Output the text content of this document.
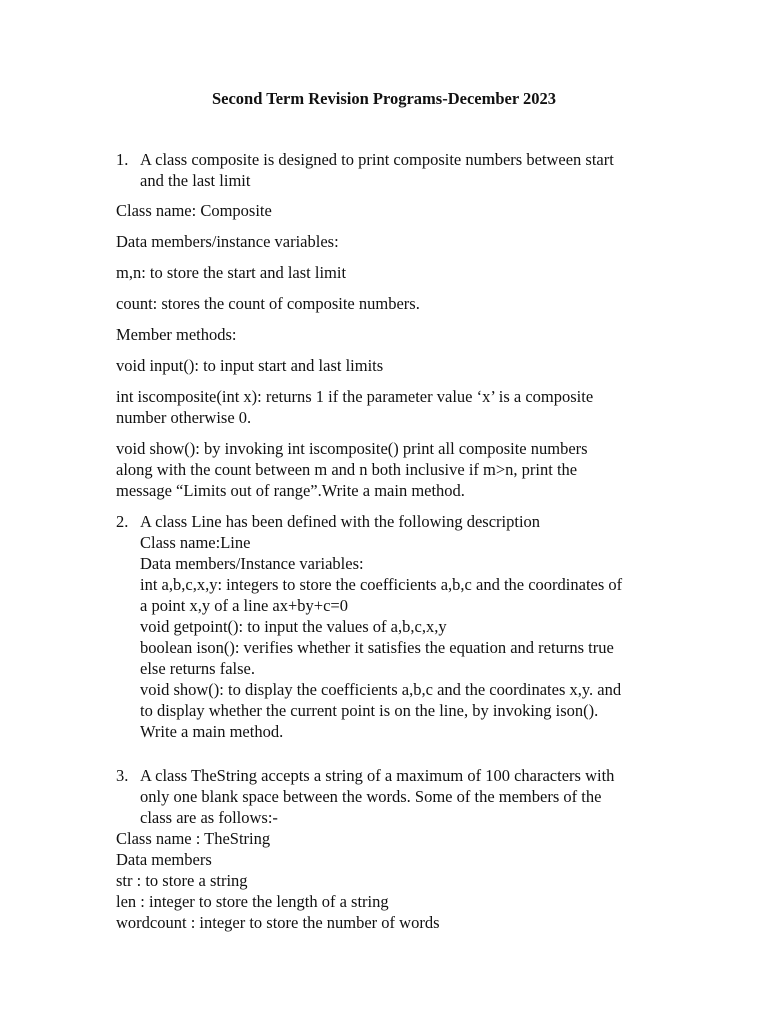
Second Term Revision Programs-December 2023
1. A class composite is designed to print composite numbers between start
and the last limit
Class name: Composite
Data members/instance variables:
m,n: to store the start and last limit
count: stores the count of composite numbers.
Member methods:
void input(): to input start and last limits
int iscomposite(int x): returns 1 if the parameter value ‘x’ is a composite
number otherwise 0.
void show(): by invoking int iscomposite() print all composite numbers
along with the count between m and n both inclusive if m>n, print the
message “Limits out of range”.Write a main method.
2. A class Line has been defined with the following description
Class name:Line
Data members/Instance variables:
int a,b,c,x,y: integers to store the coefficients a,b,c and the coordinates of
a point x,y of a line ax+by+c=0
void getpoint(): to input the values of a,b,c,x,y
boolean ison(): verifies whether it satisfies the equation and returns true
else returns false.
void show(): to display the coefficients a,b,c and the coordinates x,y. and
to display whether the current point is on the line, by invoking ison().
Write a main method.
3. A class TheString accepts a string of a maximum of 100 characters with
only one blank space between the words. Some of the members of the
class are as follows:-
Class name : TheString
Data members
str : to store a string
len : integer to store the length of a string
wordcount : integer to store the number of words
